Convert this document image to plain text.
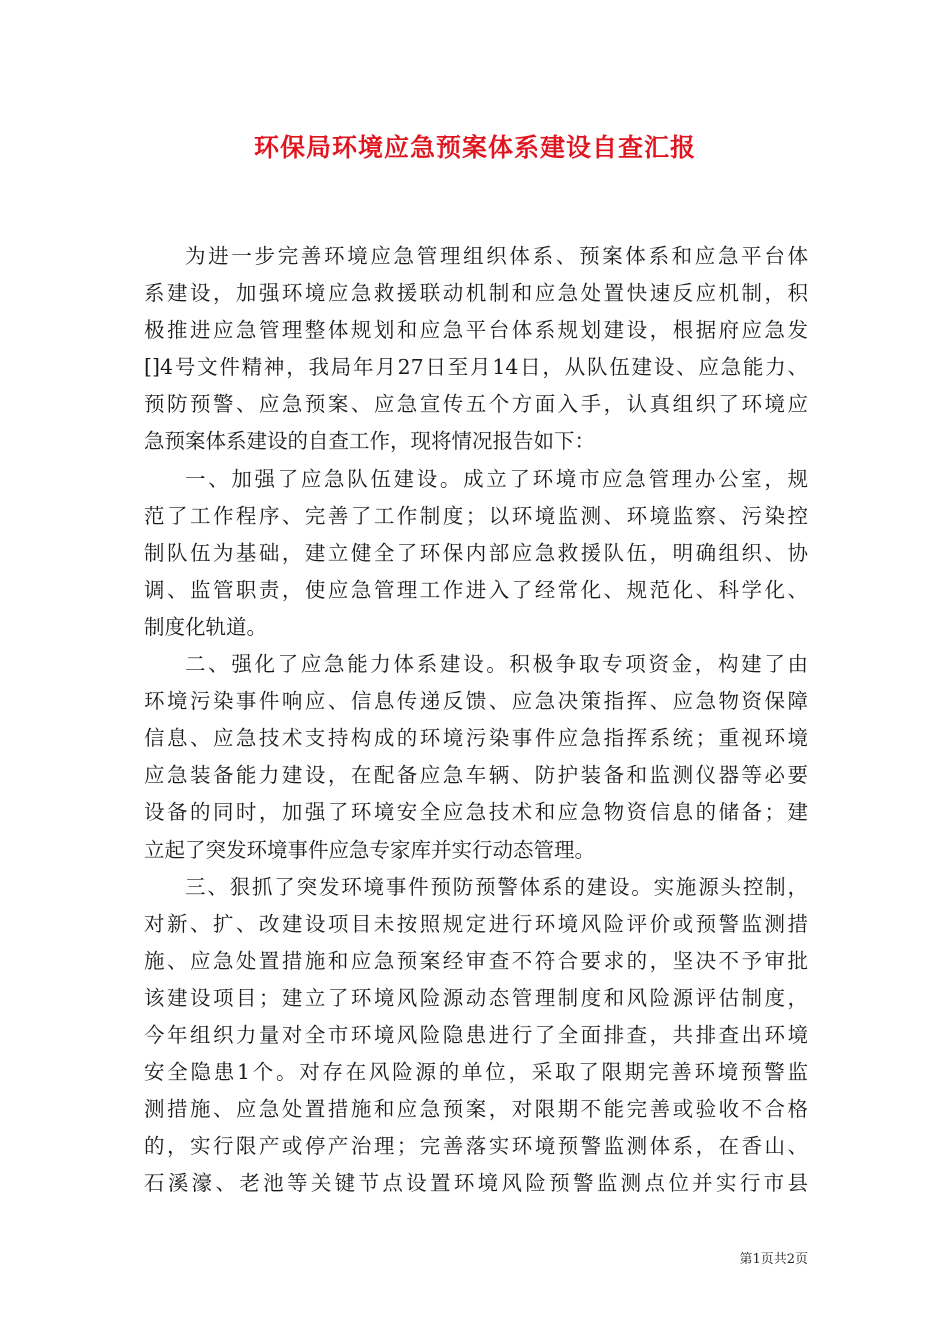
环保局环境应急预案体系建设自查汇报
为进一步完善环境应急管理组织体系、预案体系和应急平台体
系建设，加强环境应急救援联动机制和应急处置快速反应机制，积
极推进应急管理整体规划和应急平台体系规划建设，根据府应急发
[]4号文件精神，我局年月27日至月14日，从队伍建设、应急能力、
预防预警、应急预案、应急宣传五个方面入手，认真组织了环境应
急预案体系建设的自查工作，现将情况报告如下：
一、加强了应急队伍建设。成立了环境市应急管理办公室，规
范了工作程序、完善了工作制度；以环境监测、环境监察、污染控
制队伍为基础，建立健全了环保内部应急救援队伍，明确组织、协
调、监管职责，使应急管理工作进入了经常化、规范化、科学化、
制度化轨道。
二、强化了应急能力体系建设。积极争取专项资金，构建了由
环境污染事件响应、信息传递反馈、应急决策指挥、应急物资保障
信息、应急技术支持构成的环境污染事件应急指挥系统；重视环境
应急装备能力建设，在配备应急车辆、防护装备和监测仪器等必要
设备的同时，加强了环境安全应急技术和应急物资信息的储备；建
立起了突发环境事件应急专家库并实行动态管理。
三、狠抓了突发环境事件预防预警体系的建设。实施源头控制，
对新、扩、改建设项目未按照规定进行环境风险评价或预警监测措
施、应急处置措施和应急预案经审查不符合要求的，坚决不予审批
该建设项目；建立了环境风险源动态管理制度和风险源评估制度，
今年组织力量对全市环境风险隐患进行了全面排查，共排查出环境
安全隐患1个。对存在风险源的单位，采取了限期完善环境预警监
测措施、应急处置措施和应急预案，对限期不能完善或验收不合格
的，实行限产或停产治理；完善落实环境预警监测体系，在香山、
石溪濠、老池等关键节点设置环境风险预警监测点位并实行市县
第1页共2页
